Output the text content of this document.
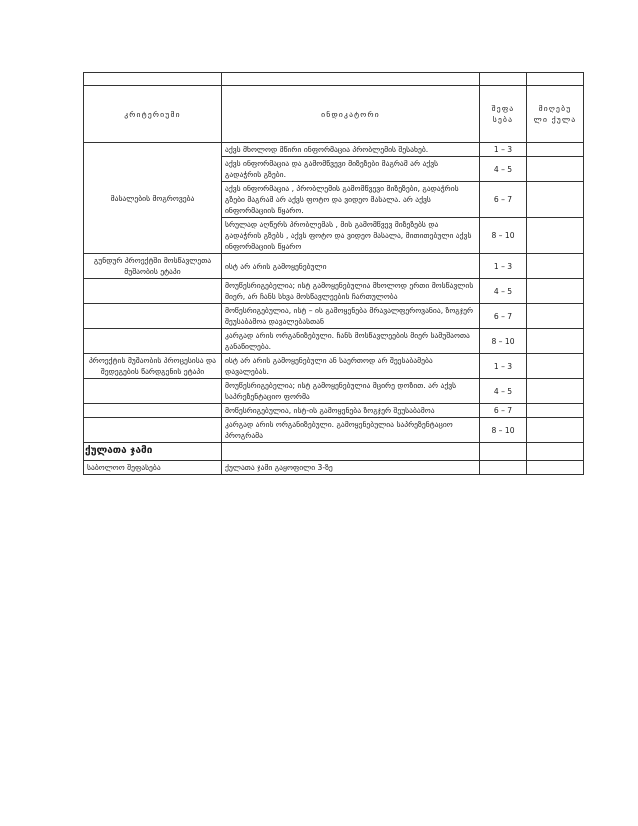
კრიტერიუმი	ინდიკატორი	შეფა სება	მიღებუ ლი ქულა
მასალების მოგროვება	აქვს მხოლოდ მწირი ინფორმაცია პრობლემის შესახებ.	1 – 3	
	აქვს ინფორმაცია და გამომწვევი მიზეზები მაგრამ არ აქვს გადაჭრის გზები.	4 – 5	
	აქვს ინფორმაცია , პრობლემის გამომწვევი მიზეზები, გადაჭრის გზები მაგრამ არ აქვს ფოტო და ვიდეო მასალა. არ აქვს ინფორმაციის წყარო.	6 – 7	
	სრულად აღწერს პრობლემას , მის გამომწვევ მიზეზებს და გადაჭრის გზებს , აქვს ფოტო და ვიდეო მასალა, მითითებული აქვს ინფორმაციის წყარო	8 – 10	
გუნდურ პროექტში მოსწავლეთა მუშაობის ეტაპი	ისტ არ არის გამოყენებული	1 – 3	
	მოუწესრიგებელია; ისტ გამოყენებულია მხოლოდ ერთი მოსწავლის მიერ, არ ჩანს სხვა მოსწავლეების ჩართულობა	4 – 5	
	მოწესრიგებულია, ისტ – ის გამოყენება მრავალფეროვანია, ზოგჯერ შეუსაბამოა დავალებასთან	6 – 7	
	კარგად არის ორგანიზებული. ჩანს მოსწავლეების მიერ სამუშაოთა განაწილება.	8 – 10	
პროექტის მუშაობის პროცესისა და შედეგების წარდგენის ეტაპი	ისტ არ არის გამოყენებული ან საერთოდ არ შეესაბამება დავალებას.	1 – 3	
	მოუწესრიგებელია; ისტ გამოყენებულია მცირე დოზით. არ აქვს საპრეზენტაციო ფორმა	4 – 5	
	მოწესრიგებულია, ისტ-ის გამოყენება ზოგჯერ შეუსაბამოა	6 – 7	
	კარგად არის ორგანიზებული. გამოყენებულია საპრეზენტაციო პროგრამა	8 – 10	
ქულათა ჯამი			
საბოლოო შეფასება	ქულათა ჯამი გაყოფილი 3-ზე		
